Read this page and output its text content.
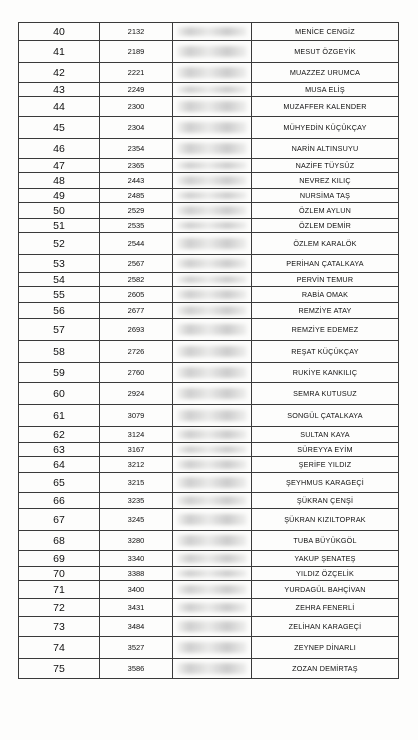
40	2132		MENİCE CENGİZ
41	2189		MESUT ÖZGEYİK
42	2221		MUAZZEZ URUMCA
43	2249		MUSA ELİŞ
44	2300		MUZAFFER KALENDER
45	2304		MÜHYEDİN KÜÇÜKÇAY
46	2354		NARİN ALTINSUYU
47	2365		NAZİFE TÜYSÜZ
48	2443		NEVREZ KILIÇ
49	2485		NURSİMA TAŞ
50	2529		ÖZLEM AYLUN
51	2535		ÖZLEM DEMİR
52	2544		ÖZLEM KARALÖK
53	2567		PERİHAN ÇATALKAYA
54	2582		PERVİN TEMUR
55	2605		RABİA OMAK
56	2677		REMZİYE ATAY
57	2693		REMZİYE EDEMEZ
58	2726		REŞAT KÜÇÜKÇAY
59	2760		RUKİYE KANKILIÇ
60	2924		SEMRA KUTUSUZ
61	3079		SONGÜL ÇATALKAYA
62	3124		SULTAN KAYA
63	3167		SÜREYYA EYİM
64	3212		ŞERİFE YILDIZ
65	3215		ŞEYHMUS KARAGEÇİ
66	3235		ŞÜKRAN ÇENŞİ
67	3245		ŞÜKRAN KIZILTOPRAK
68	3280		TUBA BÜYÜKGÖL
69	3340		YAKUP ŞENATEŞ
70	3388		YILDIZ ÖZÇELİK
71	3400		YURDAGÜL BAHÇİVAN
72	3431		ZEHRA FENERLİ
73	3484		ZELİHAN KARAGEÇİ
74	3527		ZEYNEP DİNARLI
75	3586		ZOZAN DEMİRTAŞ
